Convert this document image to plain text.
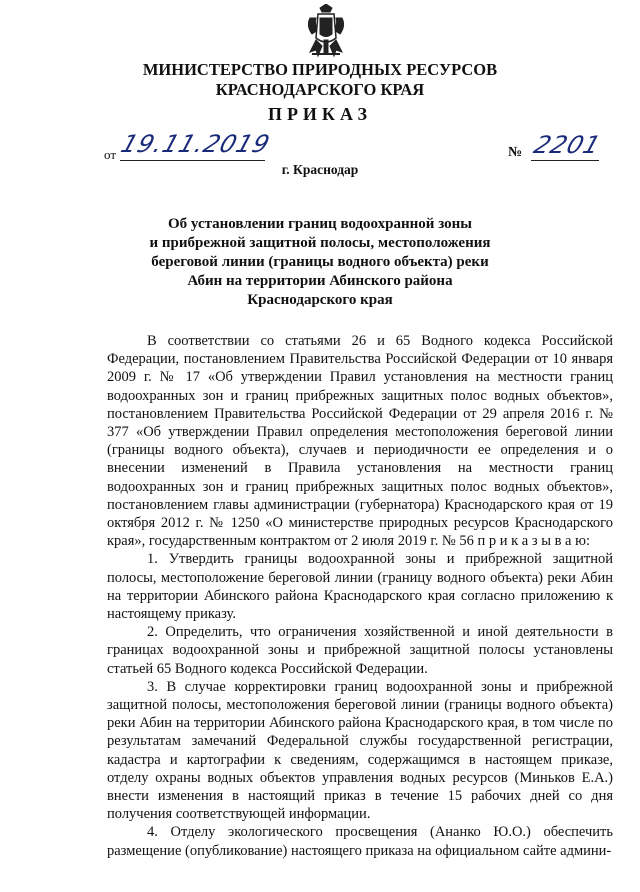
МИНИСТЕРСТВО ПРИРОДНЫХ РЕСУРСОВ
КРАСНОДАРСКОГО КРАЯ
ПРИКАЗ
от 19.11.2019	№ 2201
г. Краснодар
Об установлении границ водоохранной зоны
и прибрежной защитной полосы, местоположения
береговой линии (границы водного объекта) реки
Абин на территории Абинского района
Краснодарского края

В соответствии со статьями 26 и 65 Водного кодекса Российской Федерации, постановлением Правительства Российской Федерации от 10 января 2009 г. № 17 «Об утверждении Правил установления на местности границ водоохранных зон и границ прибрежных защитных полос водных объектов», постановлением Правительства Российской Федерации от 29 апреля 2016 г. № 377 «Об утверждении Правил определения местоположения береговой линии (границы водного объекта), случаев и периодичности ее определения и о внесении изменений в Правила установления на местности границ водоохранных зон и границ прибрежных защитных полос водных объектов», постановлением главы администрации (губернатора) Краснодарского края от 19 октября 2012 г. № 1250 «О министерстве природных ресурсов Краснодарского края», государственным контрактом от 2 июля 2019 г. № 56 п р и к а з ы в а ю:

1. Утвердить границы водоохранной зоны и прибрежной защитной полосы, местоположение береговой линии (границу водного объекта) реки Абин на территории Абинского района Краснодарского края согласно приложению к настоящему приказу.

2. Определить, что ограничения хозяйственной и иной деятельности в границах водоохранной зоны и прибрежной защитной полосы установлены статьей 65 Водного кодекса Российской Федерации.

3. В случае корректировки границ водоохранной зоны и прибрежной защитной полосы, местоположения береговой линии (границы водного объекта) реки Абин на территории Абинского района Краснодарского края, в том числе по результатам замечаний Федеральной службы государственной регистрации, кадастра и картографии к сведениям, содержащимся в настоящем приказе, отделу охраны водных объектов управления водных ресурсов (Миньков Е.А.) внести изменения в настоящий приказ в течение 15 рабочих дней со дня получения соответствующей информации.

4. Отделу экологического просвещения (Ананко Ю.О.) обеспечить размещение (опубликование) настоящего приказа на официальном сайте админи-
